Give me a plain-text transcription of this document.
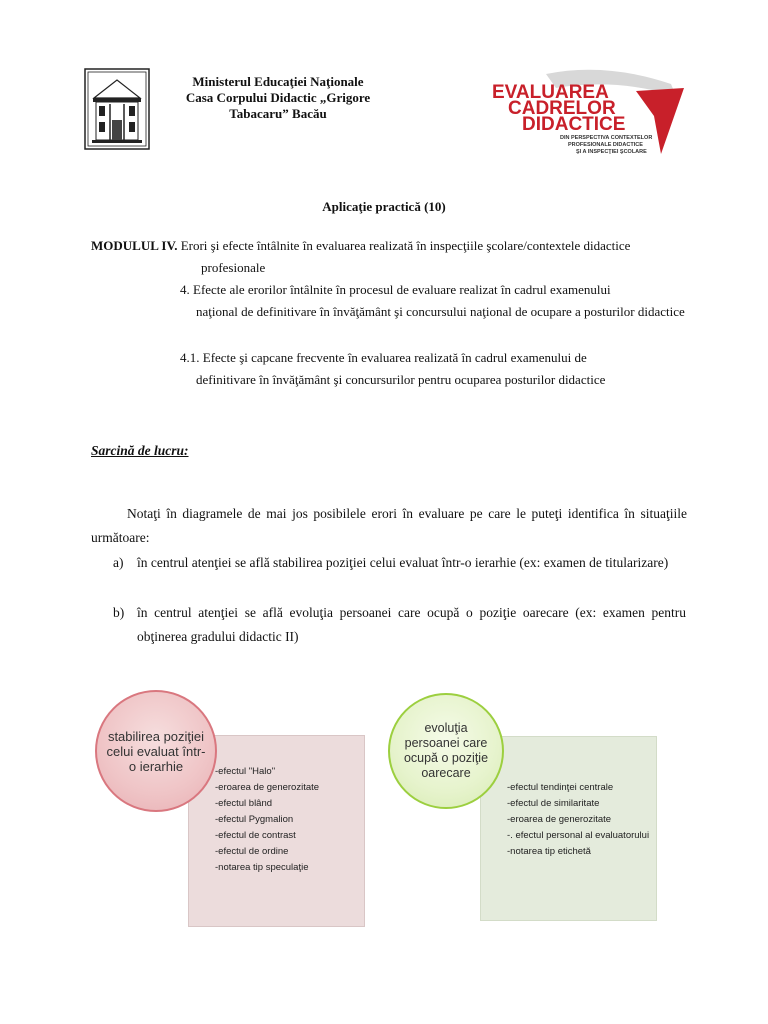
Ministerul Educaţiei Naţionale
Casa Corpului Didactic „Grigore
Tabacaru” Bacău
EVALUAREA
CADRELOR
DIDACTICE
DIN PERSPECTIVA CONTEXTELOR
PROFESIONALE DIDACTICE
ŞI A INSPECŢIEI ŞCOLARE
Aplicaţie practică (10)
MODULUL IV. Erori şi efecte întâlnite în evaluarea realizată în inspecţiile şcolare/contextele didactice
profesionale
4. Efecte ale erorilor întâlnite în procesul de evaluare realizat în cadrul examenului
naţional de definitivare în învăţământ şi concursului naţional de ocupare a posturilor didactice
4.1. Efecte şi capcane frecvente în evaluarea realizată în cadrul examenului de
definitivare în învăţământ şi concursurilor pentru ocuparea posturilor didactice
Sarcină de lucru:
Notaţi în diagramele de mai jos posibilele erori în evaluare pe care le puteţi identifica în situaţiile următoare:
a)	în centrul atenţiei se află stabilirea poziţiei celui evaluat într-o ierarhie (ex: examen de titularizare)
b) în centrul atenţiei se află evoluţia persoanei care ocupă o poziţie oarecare (ex: examen pentru obţinerea gradului didactic II)
-efectul "Halo"
-eroarea de generozitate
-efectul blând
-efectul Pygmalion
-efectul de contrast
-efectul de ordine
-notarea tip speculaţie
stabilirea poziţiei celui evaluat într-o ierarhie
-efectul tendinţei centrale
-efectul de similaritate
-eroarea de generozitate
-. efectul personal al evaluatorului
-notarea tip etichetă
evoluţia persoanei care ocupă o poziţie oarecare
